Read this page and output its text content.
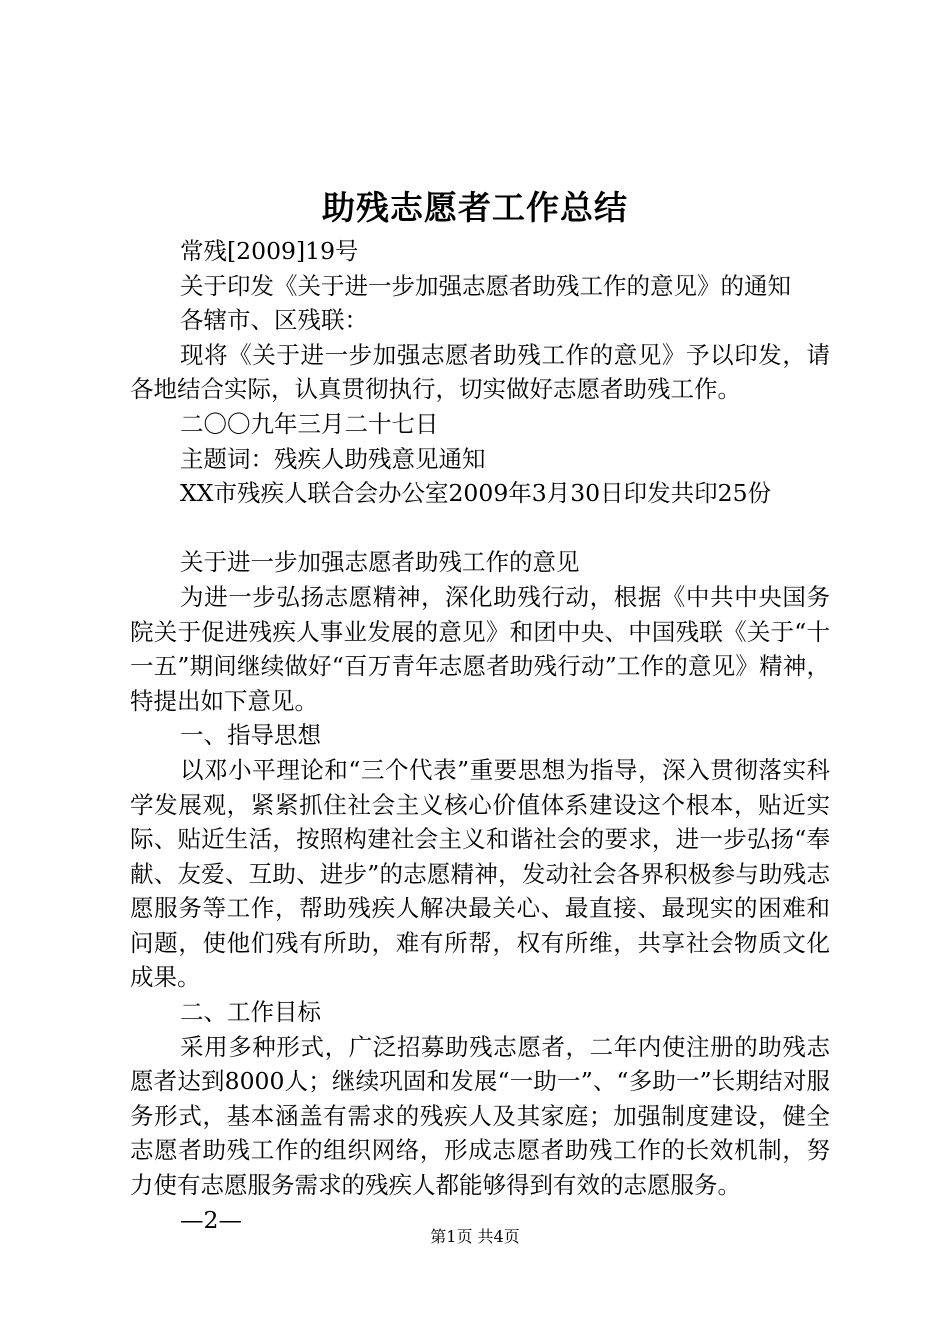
助残志愿者工作总结

常残[2009]19号

关于印发《关于进一步加强志愿者助残工作的意见》的通知

各辖市、区残联：

现将《关于进一步加强志愿者助残工作的意见》予以印发，请各地结合实际，认真贯彻执行，切实做好志愿者助残工作。

二〇〇九年三月二十七日

主题词：残疾人助残意见通知

XX市残疾人联合会办公室2009年3月30日印发共印25份

关于进一步加强志愿者助残工作的意见

为进一步弘扬志愿精神，深化助残行动，根据《中共中央国务院关于促进残疾人事业发展的意见》和团中央、中国残联《关于“十一五”期间继续做好“百万青年志愿者助残行动”工作的意见》精神，特提出如下意见。

一、指导思想

以邓小平理论和“三个代表”重要思想为指导，深入贯彻落实科学发展观，紧紧抓住社会主义核心价值体系建设这个根本，贴近实际、贴近生活，按照构建社会主义和谐社会的要求，进一步弘扬“奉献、友爱、互助、进步”的志愿精神，发动社会各界积极参与助残志愿服务等工作，帮助残疾人解决最关心、最直接、最现实的困难和问题，使他们残有所助，难有所帮，权有所维，共享社会物质文化成果。

二、工作目标

采用多种形式，广泛招募助残志愿者，二年内使注册的助残志愿者达到8000人；继续巩固和发展“一助一”、“多助一”长期结对服务形式，基本涵盖有需求的残疾人及其家庭；加强制度建设，健全志愿者助残工作的组织网络，形成志愿者助残工作的长效机制，努力使有志愿服务需求的残疾人都能够得到有效的志愿服务。

—2—

第1页 共4页
